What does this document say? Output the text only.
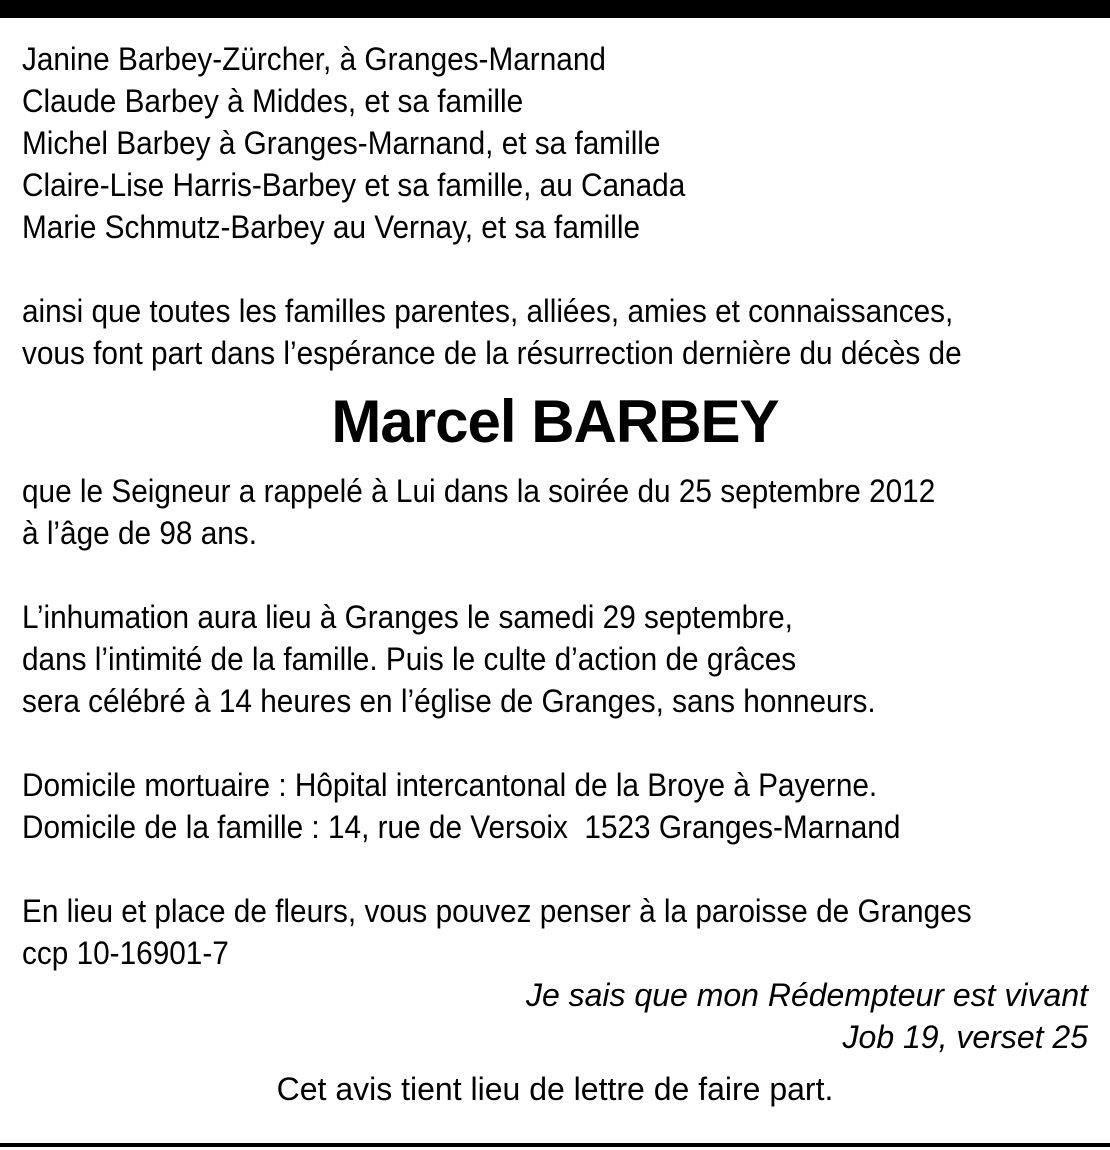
Janine Barbey-Zürcher, à Granges-Marnand
Claude Barbey à Middes, et sa famille
Michel Barbey à Granges-Marnand, et sa famille
Claire-Lise Harris-Barbey et sa famille, au Canada
Marie Schmutz-Barbey au Vernay, et sa famille
ainsi que toutes les familles parentes, alliées, amies et connaissances,
vous font part dans l’espérance de la résurrection dernière du décès de
Marcel BARBEY
que le Seigneur a rappelé à Lui dans la soirée du 25 septembre 2012
à l’âge de 98 ans.
L’inhumation aura lieu à Granges le samedi 29 septembre,
dans l’intimité de la famille. Puis le culte d’action de grâces
sera célébré à 14 heures en l’église de Granges, sans honneurs.
Domicile mortuaire : Hôpital intercantonal de la Broye à Payerne.
Domicile de la famille : 14, rue de Versoix  1523 Granges-Marnand
En lieu et place de fleurs, vous pouvez penser à la paroisse de Granges
ccp 10-16901-7
Je sais que mon Rédempteur est vivant
Job 19, verset 25
Cet avis tient lieu de lettre de faire part.
